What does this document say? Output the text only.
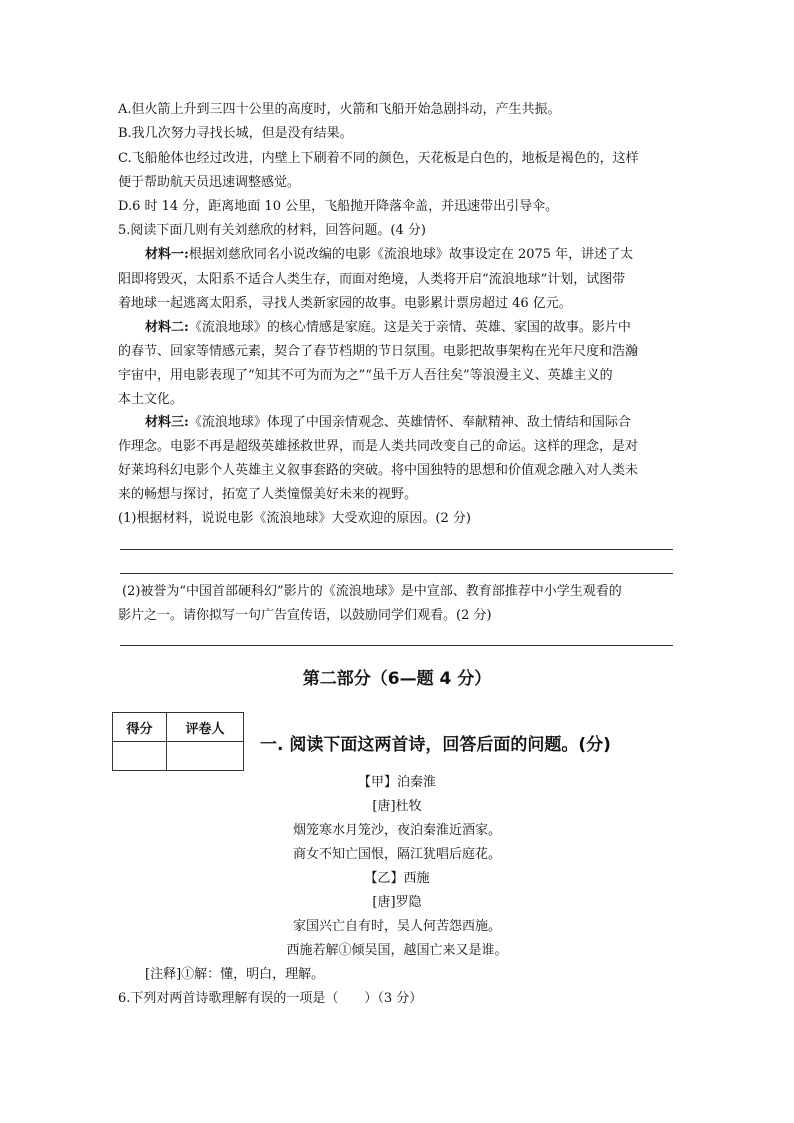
A.但火箭上升到三四十公里的高度时，火箭和飞船开始急剧抖动，产生共振。
B.我几次努力寻找长城，但是没有结果。
C.飞船舱体也经过改进，内壁上下刷着不同的颜色，天花板是白色的，地板是褐色的，这样
便于帮助航天员迅速调整感觉。
D.6 时 14 分，距离地面 10 公里，飞船抛开降落伞盖，并迅速带出引导伞。
5.阅读下面几则有关刘慈欣的材料，回答问题。(4 分)
材料一:根据刘慈欣同名小说改编的电影《流浪地球》故事设定在 2075 年，讲述了太
阳即将毁灭，太阳系不适合人类生存，而面对绝境，人类将开启“流浪地球”计划，试图带
着地球一起逃离太阳系，寻找人类新家园的故事。电影累计票房超过 46 亿元。
材料二:《流浪地球》的核心情感是家庭。这是关于亲情、英雄、家国的故事。影片中
的春节、回家等情感元素，契合了春节档期的节日氛围。电影把故事架构在光年尺度和浩瀚
宇宙中，用电影表现了“知其不可为而为之”“虽千万人吾往矣”等浪漫主义、英雄主义的
本土文化。
材料三:《流浪地球》体现了中国亲情观念、英雄情怀、奉献精神、敌土情结和国际合
作理念。电影不再是超级英雄拯救世界，而是人类共同改变自己的命运。这样的理念，是对
好莱坞科幻电影个人英雄主义叙事套路的突破。将中国独特的思想和价值观念融入对人类未
来的畅想与探讨，拓宽了人类憧憬美好未来的视野。
(1)根据材料，说说电影《流浪地球》大受欢迎的原因。(2 分)
(2)被誉为“中国首部硬科幻”影片的《流浪地球》是中宣部、教育部推荐中小学生观看的
影片之一。请你拟写一句广告宣传语，以鼓励同学们观看。(2 分)
第二部分（6—题 4 分）
得分	评卷人

一. 阅读下面这两首诗，回答后面的问题。(分)
【甲】泊秦淮
[唐]杜牧
烟笼寒水月笼沙，夜泊秦淮近酒家。
商女不知亡国恨，隔江犹唱后庭花。
【乙】西施
[唐]罗隐
家国兴亡自有时，吴人何苦怨西施。
西施若解①倾吴国，越国亡来又是谁。
[注释]①解：懂，明白，理解。
6.下列对两首诗歌理解有误的一项是（　　）（3 分）
